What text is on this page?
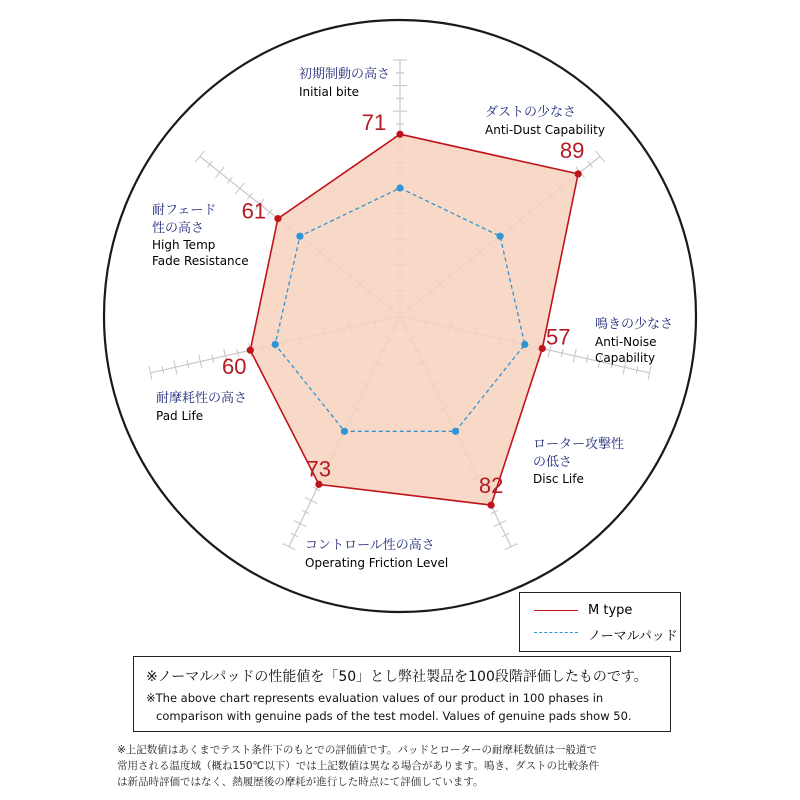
71
89
57
82
73
60
61
初期制動の高さ
Initial bite
ダストの少なさ
Anti-Dust Capability
鳴きの少なさ
Anti-Noise
Capability
ローター攻撃性
の低さ
Disc Life
コントロール性の高さ
Operating Friction Level
耐摩耗性の高さ
Pad Life
耐フェード
性の高さ
High Temp
Fade Resistance
M type
ノーマルパッド
※ノーマルパッドの性能値を「50」とし弊社製品を100段階評価したものです。
※The above chart represents evaluation values of our product in 100 phases in
comparison with genuine pads of the test model. Values of genuine pads show 50.
※上記数値はあくまでテスト条件下のもとでの評価値です。パッドとローターの耐摩耗数値は一般道で
常用される温度域（概ね150℃以下）では上記数値は異なる場合があります。鳴き、ダストの比較条件
は新品時評価ではなく、熱履歴後の摩耗が進行した時点にて評価しています。
